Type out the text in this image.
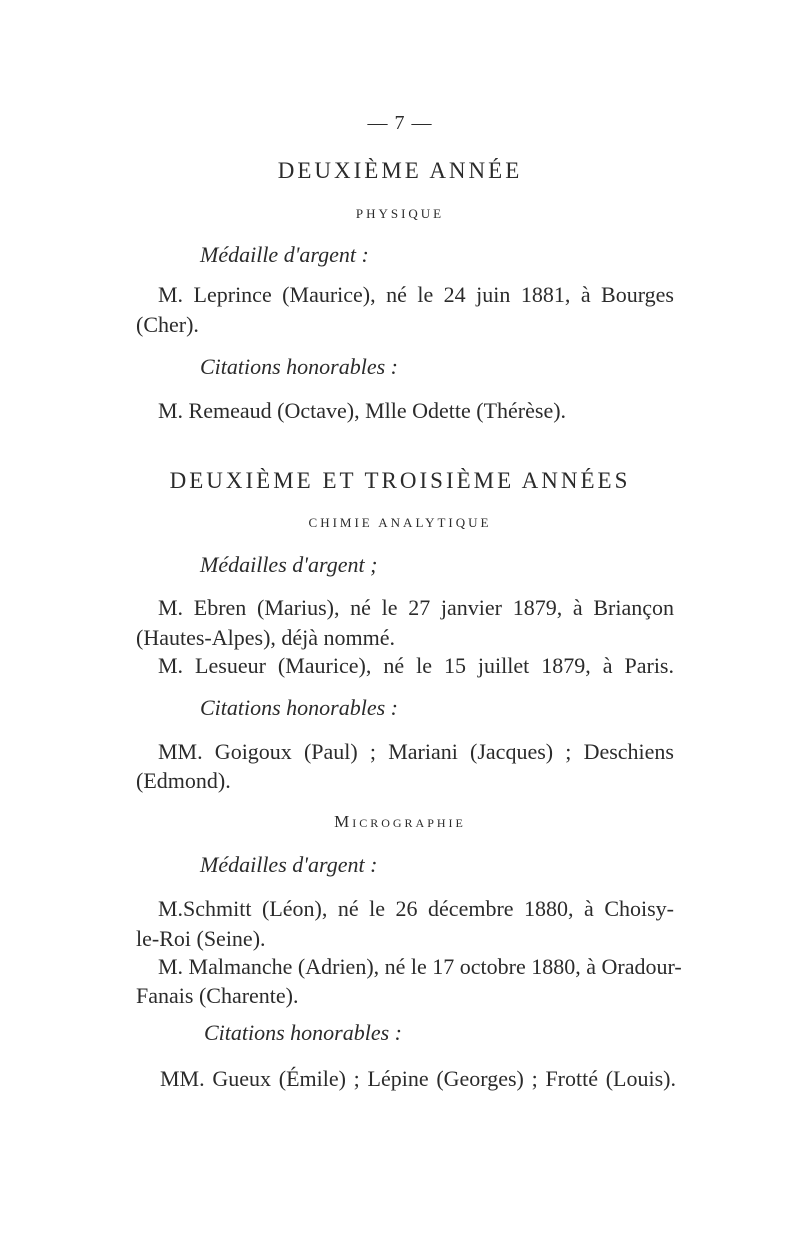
— 7 —
DEUXIÈME ANNÉE
PHYSIQUE
Médaille d'argent :
M. Leprince (Maurice), né le 24 juin 1881, à Bourges
(Cher).
Citations honorables :
M. Remeaud (Octave), Mlle Odette (Thérèse).
DEUXIÈME ET TROISIÈME ANNÉES
CHIMIE ANALYTIQUE
Médailles d'argent ;
M. Ebren (Marius), né le 27 janvier 1879, à Briançon
(Hautes-Alpes), déjà nommé.
M. Lesueur (Maurice), né le 15 juillet 1879, à Paris.
Citations honorables :
MM. Goigoux (Paul) ; Mariani (Jacques) ; Deschiens
(Edmond).
Micrographie
Médailles d'argent :
M.Schmitt (Léon), né le 26 décembre 1880, à Choisy-
le-Roi (Seine).
M. Malmanche (Adrien), né le 17 octobre 1880, à Oradour-
Fanais (Charente).
Citations honorables :
MM. Gueux (Émile) ; Lépine (Georges) ; Frotté (Louis).
